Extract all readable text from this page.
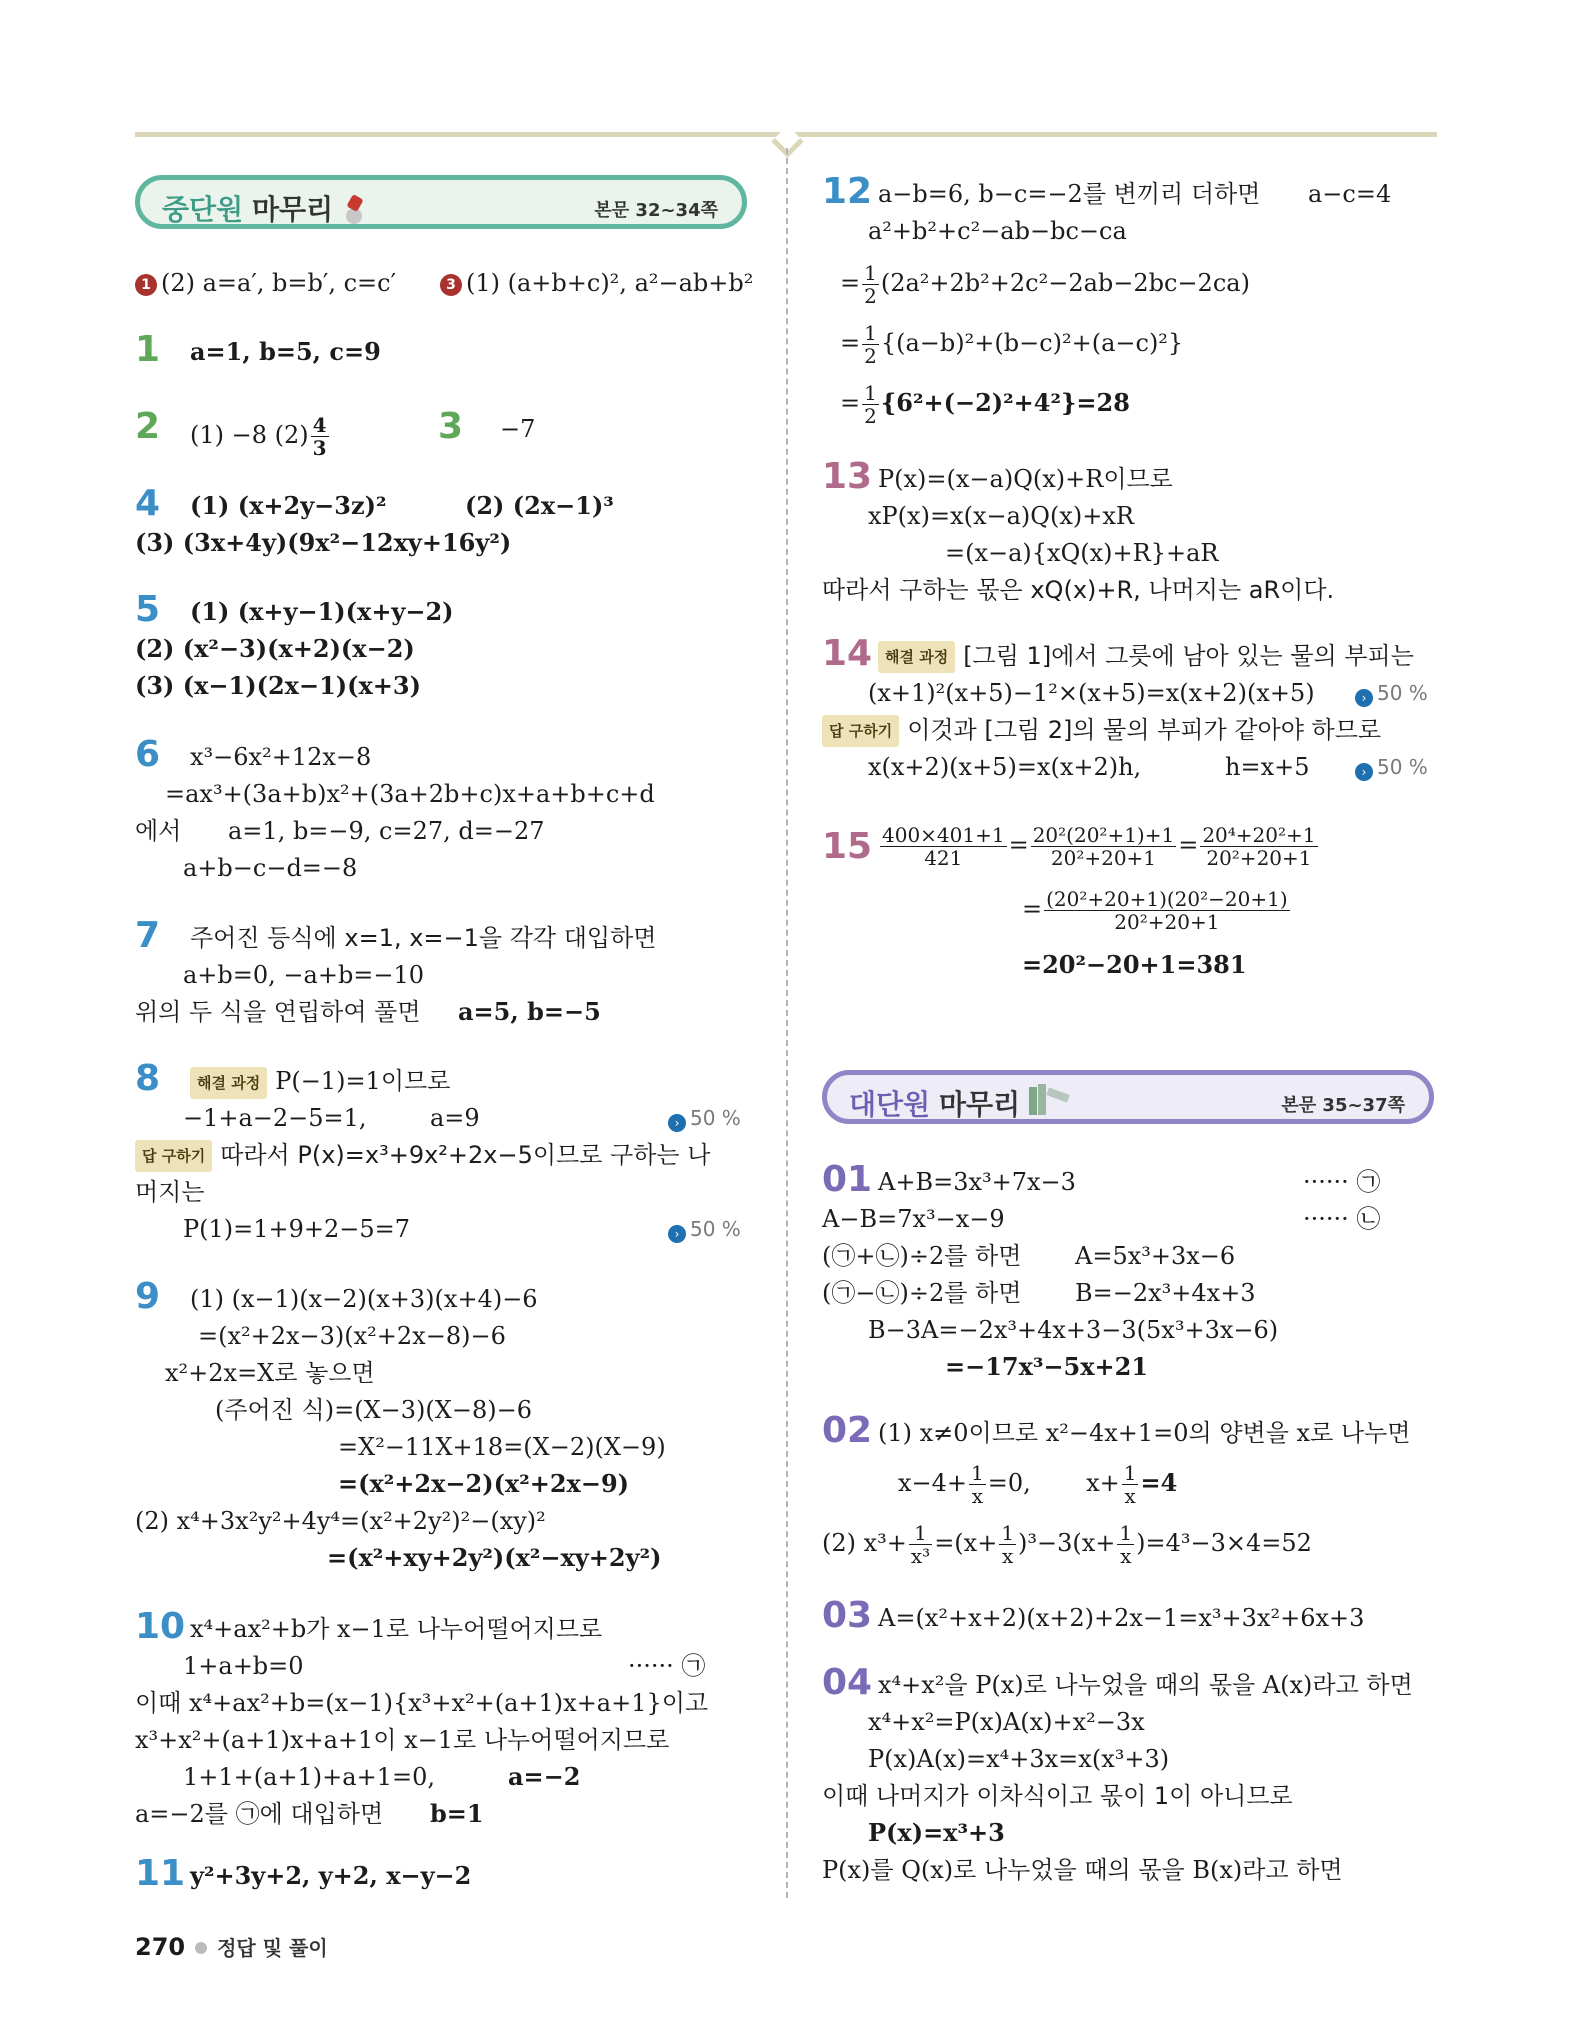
중단원 마무리	본문 32~34쪽
1 (2) a=a′, b=b′, c=c′	3 (1) (a+b+c)², a²−ab+b²
1 a=1, b=5, c=9
2 (1) −8 $(2) \frac{4}{3}$	3 −7
4 (1) (x+2y−3z)²	(2) (2x−1)³
(3) (3x+4y)(9x²−12xy+16y²)
5 (1) (x+y−1)(x+y−2)
(2) (x²−3)(x+2)(x−2)
(3) (x−1)(2x−1)(x+3)
6 x³−6x²+12x−8
=ax³+(3a+b)x²+(3a+2b+c)x+a+b+c+d
에서 a=1, b=−9, c=27, d=−27
a+b−c−d=−8
7 주어진 등식에 x=1, x=−1을 각각 대입하면
a+b=0, −a+b=−10
위의 두 식을 연립하여 풀면 a=5, b=−5
8	해결 과정 P(−1)=1이므로
−1+a−2−5=1,	a=9	› 50 %
답 구하기 따라서 P(x)=x³+9x²+2x−5이므로 구하는 나
머지는
P(1)=1+9+2−5=7	› 50 %
9 (1) (x−1)(x−2)(x+3)(x+4)−6
=(x²+2x−3)(x²+2x−8)−6
x²+2x=X로 놓으면
(주어진 식)=(X−3)(X−8)−6
=X²−11X+18=(X−2)(X−9)
=(x²+2x−2)(x²+2x−9)
(2) x⁴+3x²y²+4y⁴=(x²+2y²)²−(xy)²
=(x²+xy+2y²)(x²−xy+2y²)
10 x⁴+ax²+b가 x−1로 나누어떨어지므로
1+a+b=0	······ ㉠
이때 x⁴+ax²+b=(x−1){x³+x²+(a+1)x+a+1}이고
x³+x²+(a+1)x+a+1이 x−1로 나누어떨어지므로
1+1+(a+1)+a+1=0,	a=−2
a=−2를 ㉠에 대입하면 b=1
11 y²+3y+2, y+2, x−y−2
12 a−b=6, b−c=−2를 변끼리 더하면 a−c=4
a²+b²+c²−ab−bc−ca
= $\frac{1}{2} (2a^2+2b^2+2c^2-2ab-2bc-2ca)$
= $\frac{1}{2} \{(a-b)^2+(b-c)^2+(a-c)^2\}$
= $\frac{1}{2} \{6^2+(-2)^2+4^2\}=28$
13 P(x)=(x−a)Q(x)+R이므로
xP(x)=x(x−a)Q(x)+xR
=(x−a){xQ(x)+R}+aR
따라서 구하는 몫은 xQ(x)+R, 나머지는 aR이다.
14 해결 과정 [그림 1]에서 그릇에 남아 있는 물의 부피는
(x+1)²(x+5)−1²×(x+5)=x(x+2)(x+5)	› 50 %
답 구하기 이것과 [그림 2]의 물의 부피가 같아야 하므로
x(x+2)(x+5)=x(x+2)h,	h=x+5	› 50 %
$15 \frac{400\times 401+1}{421} = \frac{\text{20²(20²+1)+1}}{\text{20²+20+1}} = \frac{\text{20⁴+20²+1}}{\text{20²+20+1}}$
= $\frac{\text{(20²+20+1)(20²−20+1)}}{\text{20²+20+1}}$
=20²−20+1=381
대단원 마무리	본문 35~37쪽
01 A+B=3x³+7x−3	······ ㉠
A−B=7x³−x−9	······ ㉡
(㉠+㉡)÷2를 하면 A=5x³+3x−6
(㉠−㉡)÷2를 하면 B=−2x³+4x+3
B−3A=−2x³+4x+3−3(5x³+3x−6)
=−17x³−5x+21
02 (1) x≠0이므로 x²−4x+1=0의 양변을 x로 나누면
$x-4+ \frac{1}{x} =0$, $x+ \frac{1}{x} =4$
(2) $x^3+ \frac{1}{\text{x³}} =(x+ \frac{1}{x} )^3-3(x+ \frac{1}{x} )=4^3-3\times 4=52$
03 A=(x²+x+2)(x+2)+2x−1=x³+3x²+6x+3
04 x⁴+x²을 P(x)로 나누었을 때의 몫을 A(x)라고 하면
x⁴+x²=P(x)A(x)+x²−3x
P(x)A(x)=x⁴+3x=x(x³+3)
이때 나머지가 이차식이고 몫이 1이 아니므로
P(x)=x³+3
P(x)를 Q(x)로 나누었을 때의 몫을 B(x)라고 하면
270 정답 및 풀이
